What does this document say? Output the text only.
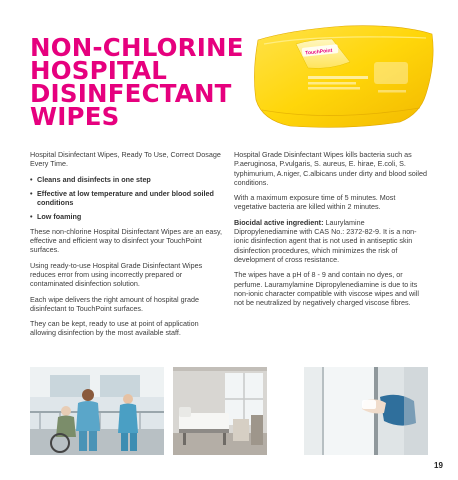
NON-CHLORINE
HOSPITAL
DISINFECTANT
WIPES
TouchPoint

Hospital Disinfectant Wipes, Ready To Use, Correct Dosage Every Time.

• Cleans and disinfects in one step
• Effective at low temperature and under blood soiled conditions
• Low foaming

These non-chlorine Hospital Disinfectant Wipes are an easy, effective and efficient way to disinfect your TouchPoint surfaces.

Using ready-to-use Hospital Grade Disinfectant Wipes reduces error from using incorrectly prepared or contaminated disinfection solution.

Each wipe delivers the right amount of hospital grade disinfectant to TouchPoint surfaces.

They can be kept, ready to use at point of application allowing disinfection by the most available staff.

Hospital Grade Disinfectant Wipes kills bacteria such as P.aeruginosa, P.vulgaris, S. aureus, E. hirae, E.coli, S. typhimurium, A.niger, C.albicans under dirty and blood soiled conditions.

With a maximum exposure time of 5 minutes. Most vegetative bacteria are killed within 2 minutes.

Biocidal active ingredient: Laurylamine Dipropylenediamine with CAS No.: 2372-82-9. It is a non-ionic disinfection agent that is not used in antiseptic skin disinfection procedures, which minimizes the risk of development of cross resistance.

The wipes have a pH of 8 - 9 and contain no dyes, or perfume. Lauramylamine Dipropylenediamine is due to its non-ionic character compatible with viscose wipes and will not be neutralized by negatively charged viscose fibres.

19
